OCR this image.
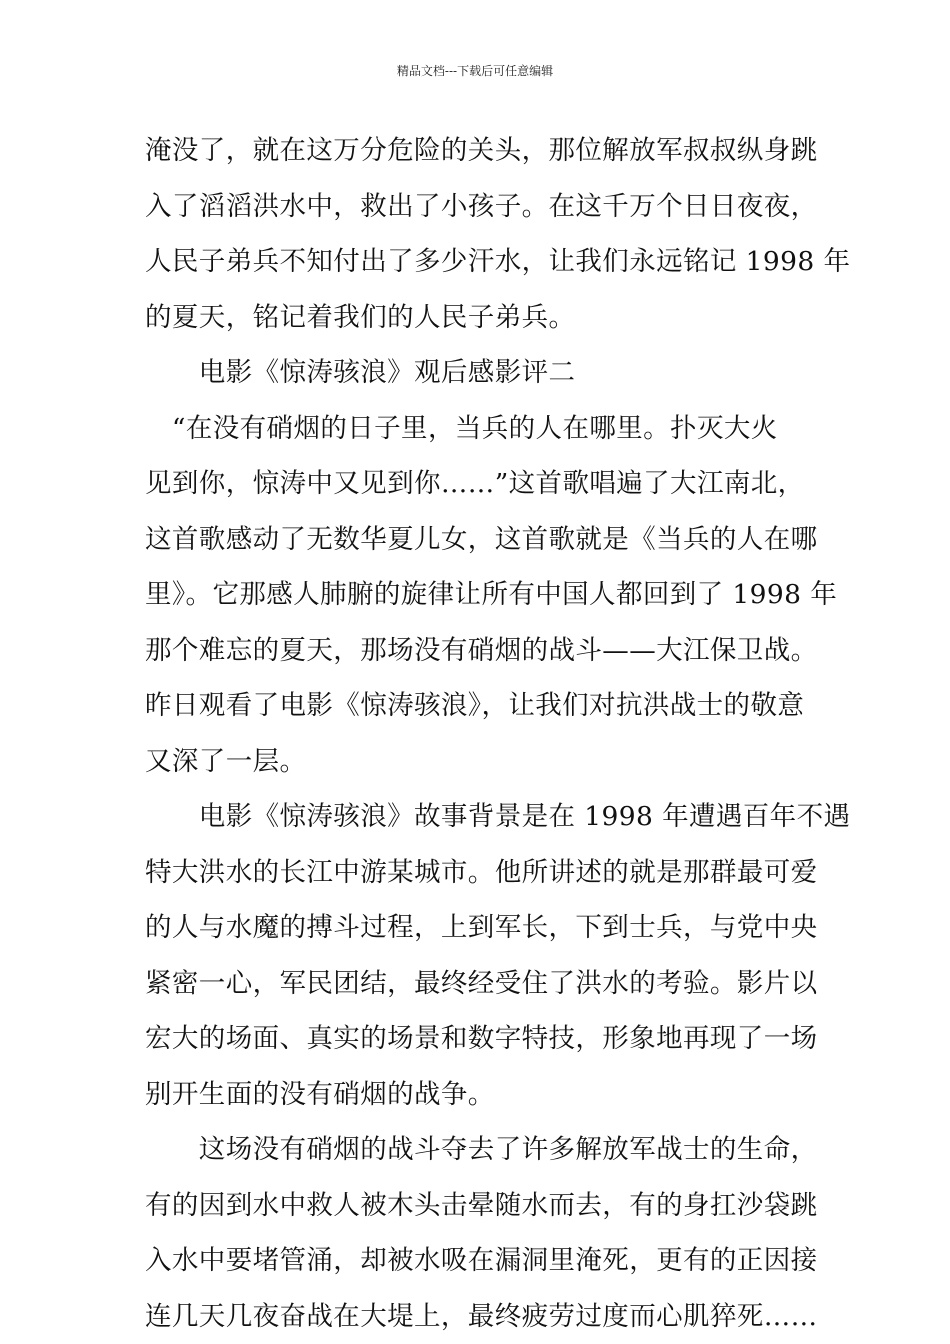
精品文档---下载后可任意编辑
淹没了，就在这万分危险的关头，那位解放军叔叔纵身跳
入了滔滔洪水中，救出了小孩子。在这千万个日日夜夜，
人民子弟兵不知付出了多少汗水，让我们永远铭记 1998 年
的夏天，铭记着我们的人民子弟兵。
　　电影《惊涛骇浪》观后感影评二
　“在没有硝烟的日子里，当兵的人在哪里。扑灭大火
见到你，惊涛中又见到你……”这首歌唱遍了大江南北，
这首歌感动了无数华夏儿女，这首歌就是《当兵的人在哪
里》。它那感人肺腑的旋律让所有中国人都回到了 1998 年
那个难忘的夏天，那场没有硝烟的战斗——大江保卫战。
昨日观看了电影《惊涛骇浪》，让我们对抗洪战士的敬意
又深了一层。
　　电影《惊涛骇浪》故事背景是在 1998 年遭遇百年不遇
特大洪水的长江中游某城市。他所讲述的就是那群最可爱
的人与水魔的搏斗过程，上到军长，下到士兵，与党中央
紧密一心，军民团结，最终经受住了洪水的考验。影片以
宏大的场面、真实的场景和数字特技，形象地再现了一场
别开生面的没有硝烟的战争。
　　这场没有硝烟的战斗夺去了许多解放军战士的生命，
有的因到水中救人被木头击晕随水而去，有的身扛沙袋跳
入水中要堵管涌，却被水吸在漏洞里淹死，更有的正因接
连几天几夜奋战在大堤上，最终疲劳过度而心肌猝死……
